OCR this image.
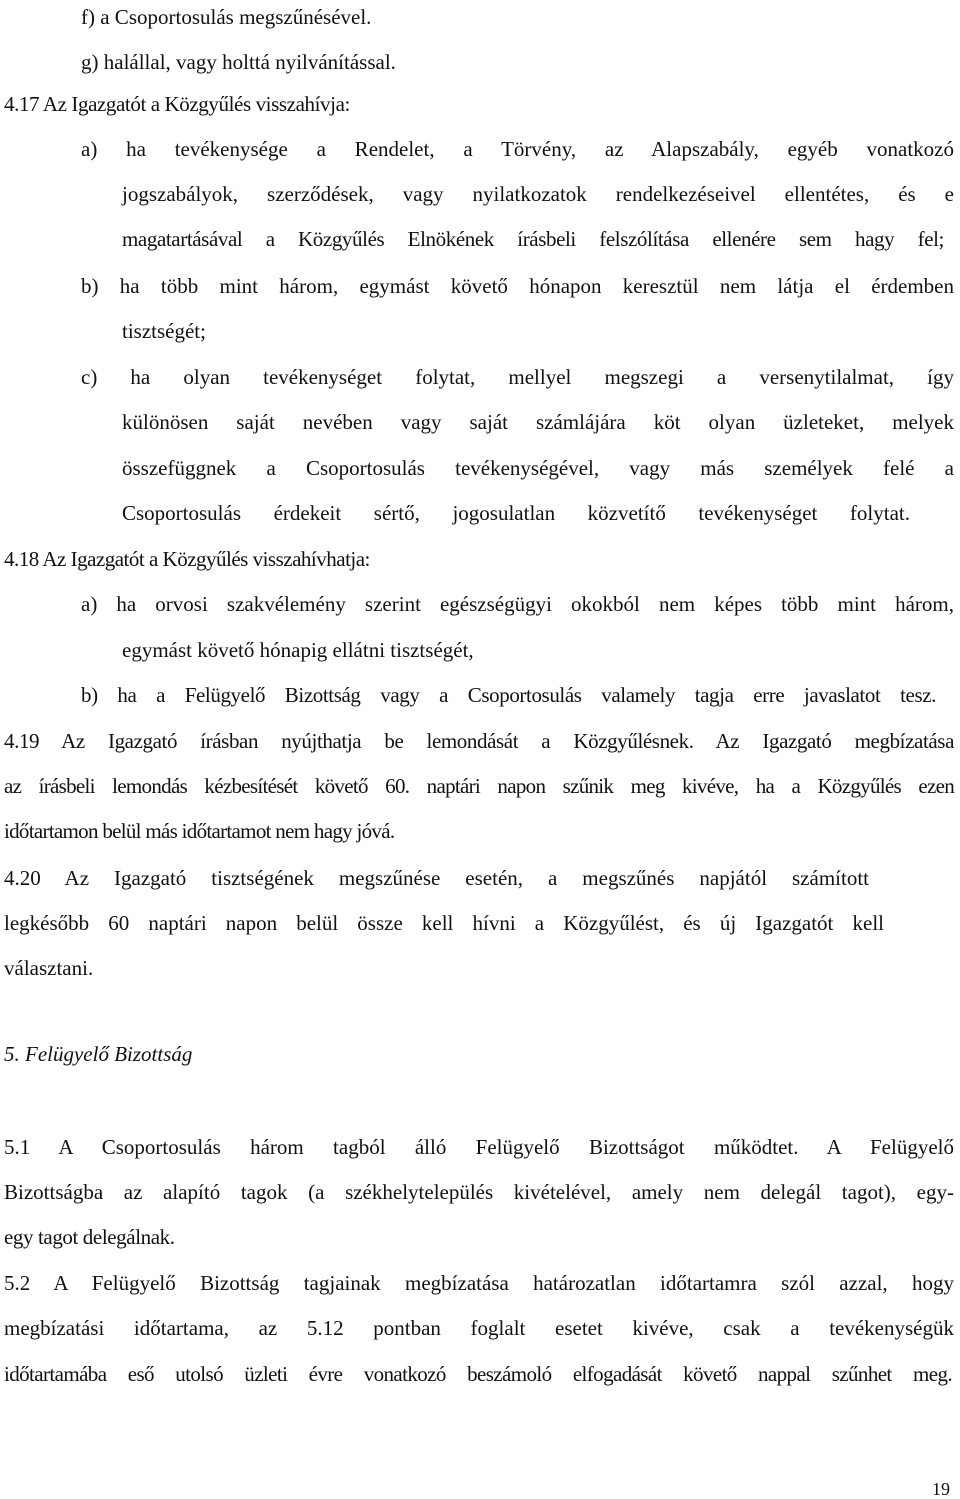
f) a Csoportosulás megszűnésével.
g) halállal, vagy holttá nyilvánítással.
4.17 Az Igazgatót a Közgyűlés visszahívja:
a) ha tevékenysége a Rendelet, a Törvény, az Alapszabály, egyéb vonatkozó
jogszabályok, szerződések, vagy nyilatkozatok rendelkezéseivel ellentétes, és e
magatartásával a Közgyűlés Elnökének írásbeli felszólítása ellenére sem hagy fel;
b) ha több mint három, egymást követő hónapon keresztül nem látja el érdemben
tisztségét;
c) ha olyan tevékenységet folytat, mellyel megszegi a versenytilalmat, így
különösen saját nevében vagy saját számlájára köt olyan üzleteket, melyek
összefüggnek a Csoportosulás tevékenységével, vagy más személyek felé a
Csoportosulás érdekeit sértő, jogosulatlan közvetítő tevékenységet folytat.
4.18 Az Igazgatót a Közgyűlés visszahívhatja:
a) ha orvosi szakvélemény szerint egészségügyi okokból nem képes több mint három,
egymást követő hónapig ellátni tisztségét,
b) ha a Felügyelő Bizottság vagy a Csoportosulás valamely tagja erre javaslatot tesz.
4.19 Az Igazgató írásban nyújthatja be lemondását a Közgyűlésnek. Az Igazgató megbízatása
az írásbeli lemondás kézbesítését követő 60. naptári napon szűnik meg kivéve, ha a Közgyűlés ezen
időtartamon belül más időtartamot nem hagy jóvá.
4.20 Az Igazgató tisztségének megszűnése esetén, a megszűnés napjától számított
legkésőbb 60 naptári napon belül össze kell hívni a Közgyűlést, és új Igazgatót kell
választani.
5. Felügyelő Bizottság
5.1 A Csoportosulás három tagból álló Felügyelő Bizottságot működtet. A Felügyelő
Bizottságba az alapító tagok (a székhelytelepülés kivételével, amely nem delegál tagot), egy-
egy tagot delegálnak.
5.2 A Felügyelő Bizottság tagjainak megbízatása határozatlan időtartamra szól azzal, hogy
megbízatási időtartama, az 5.12 pontban foglalt esetet kivéve, csak a tevékenységük
időtartamába eső utolsó üzleti évre vonatkozó beszámoló elfogadását követő nappal szűnhet meg.
19
